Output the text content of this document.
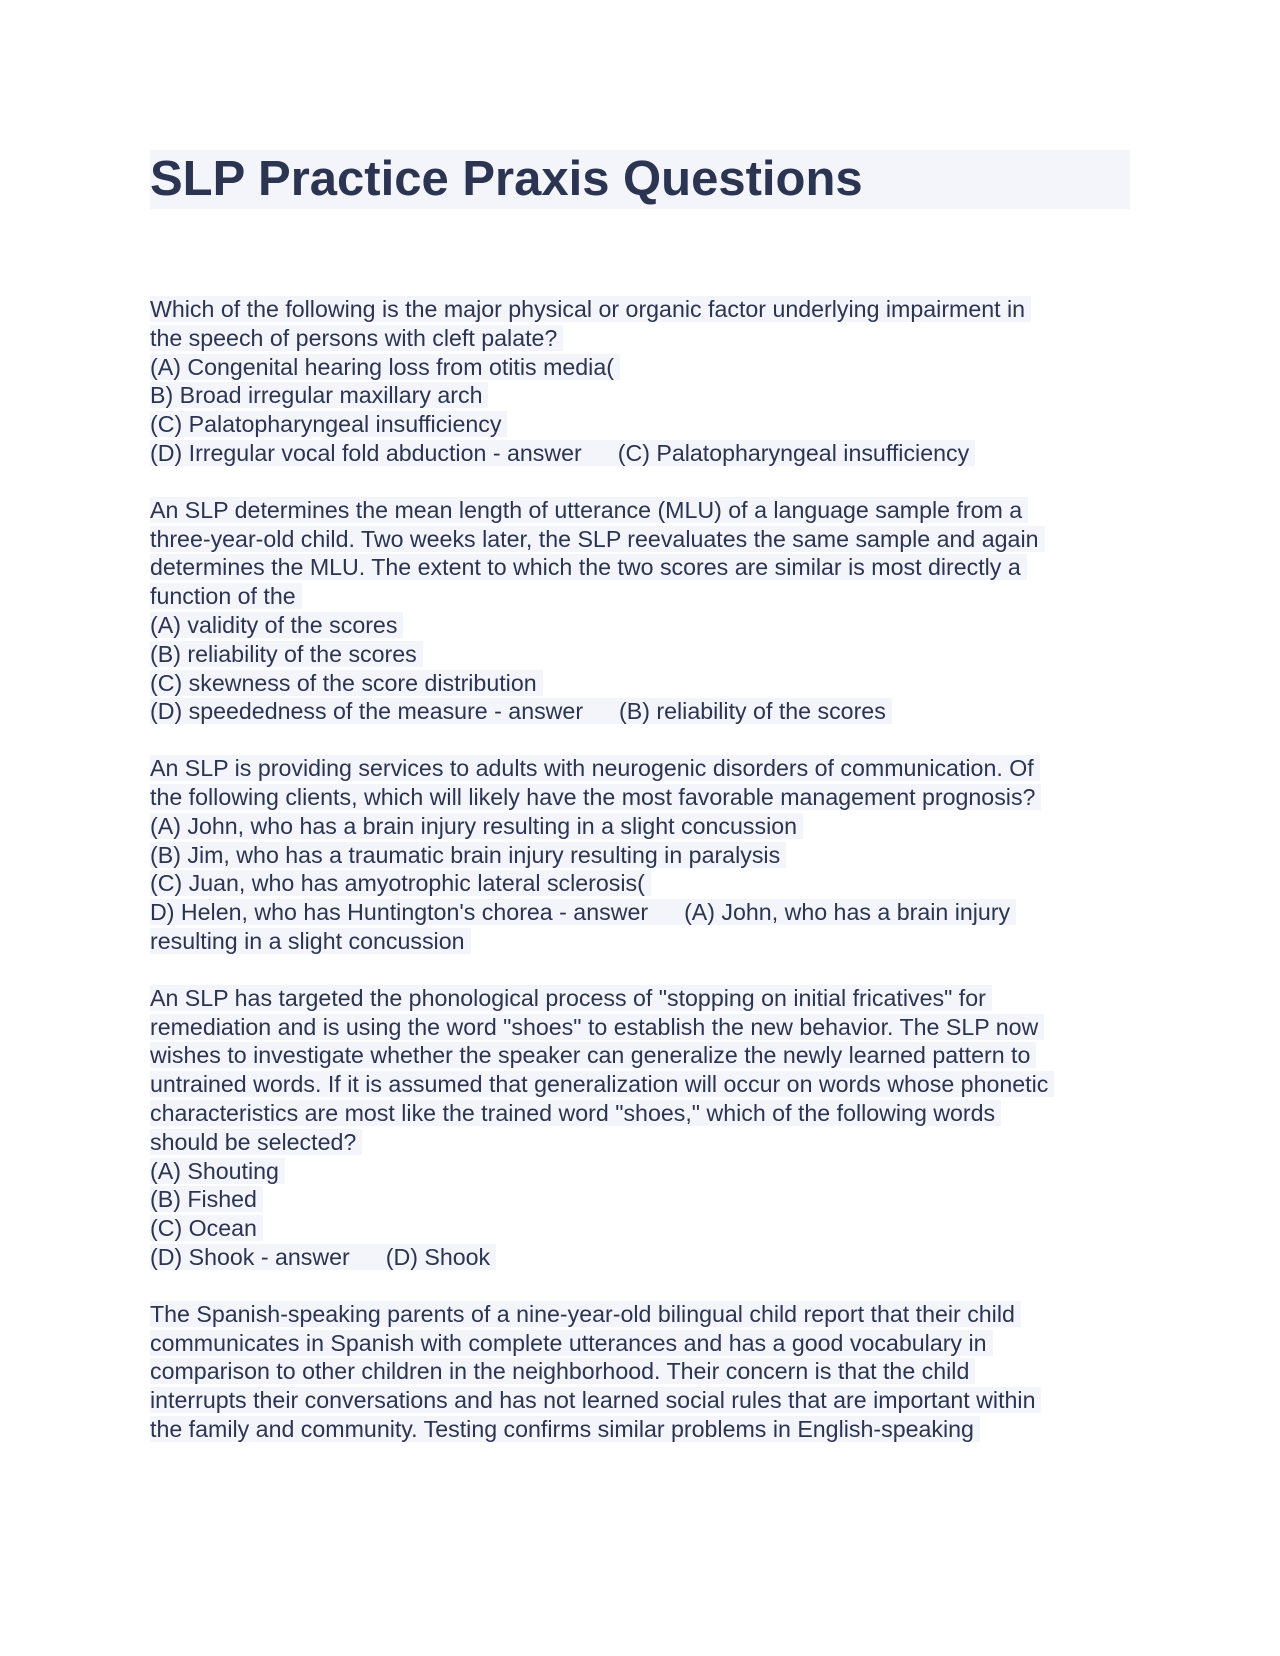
SLP Practice Praxis Questions
Which of the following is the major physical or organic factor underlying impairment in
the speech of persons with cleft palate?
(A) Congenital hearing loss from otitis media(
B) Broad irregular maxillary arch
(C) Palatopharyngeal insufficiency
(D) Irregular vocal fold abduction - answer (C) Palatopharyngeal insufficiency
An SLP determines the mean length of utterance (MLU) of a language sample from a
three-year-old child. Two weeks later, the SLP reevaluates the same sample and again
determines the MLU. The extent to which the two scores are similar is most directly a
function of the
(A) validity of the scores
(B) reliability of the scores
(C) skewness of the score distribution
(D) speededness of the measure - answer (B) reliability of the scores
An SLP is providing services to adults with neurogenic disorders of communication. Of
the following clients, which will likely have the most favorable management prognosis?
(A) John, who has a brain injury resulting in a slight concussion
(B) Jim, who has a traumatic brain injury resulting in paralysis
(C) Juan, who has amyotrophic lateral sclerosis(
D) Helen, who has Huntington's chorea - answer (A) John, who has a brain injury
resulting in a slight concussion
An SLP has targeted the phonological process of "stopping on initial fricatives" for
remediation and is using the word "shoes" to establish the new behavior. The SLP now
wishes to investigate whether the speaker can generalize the newly learned pattern to
untrained words. If it is assumed that generalization will occur on words whose phonetic
characteristics are most like the trained word "shoes," which of the following words
should be selected?
(A) Shouting
(B) Fished
(C) Ocean
(D) Shook - answer (D) Shook
The Spanish-speaking parents of a nine-year-old bilingual child report that their child
communicates in Spanish with complete utterances and has a good vocabulary in
comparison to other children in the neighborhood. Their concern is that the child
interrupts their conversations and has not learned social rules that are important within
the family and community. Testing confirms similar problems in English-speaking
